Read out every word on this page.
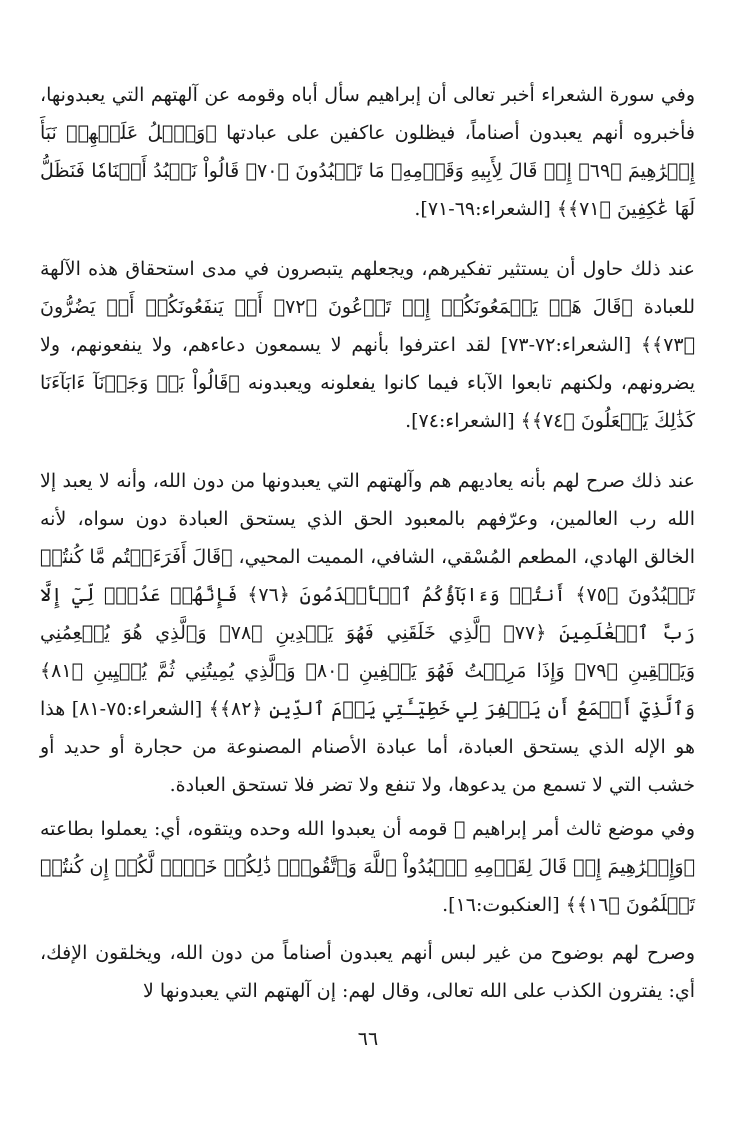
وفي سورة الشعراء أخبر تعالى أن إبراهيم سأل أباه وقومه عن آلهتهم التي يعبدونها، فأخبروه أنهم يعبدون أصناماً، فيظلون عاكفين على عبادتها ﴿وَٱتۡلُ عَلَيۡهِمۡ نَبَأَ إِبۡرَٰهِيمَ ﴿٦٩﴾ إِذۡ قَالَ لِأَبِيهِ وَقَوۡمِهِۦ مَا تَعۡبُدُونَ ﴿٧٠﴾ قَالُواْ نَعۡبُدُ أَصۡنَامٗا فَنَظَلُّ لَهَا عَٰكِفِينَ ﴿٧١﴾﴾ [الشعراء:٦٩-٧١].

عند ذلك حاول أن يستثير تفكيرهم، ويجعلهم يتبصرون في مدى استحقاق هذه الآلهة للعبادة ﴿قَالَ هَلۡ يَسۡمَعُونَكُمۡ إِذۡ تَدۡعُونَ ﴿٧٢﴾ أَوۡ يَنفَعُونَكُمۡ أَوۡ يَضُرُّونَ ﴿٧٣﴾﴾ [الشعراء:٧٢-٧٣] لقد اعترفوا بأنهم لا يسمعون دعاءهم، ولا ينفعونهم، ولا يضرونهم، ولكنهم تابعوا الآباء فيما كانوا يفعلونه ويعبدونه ﴿قَالُواْ بَلۡ وَجَدۡنَآ ءَابَآءَنَا كَذَٰلِكَ يَفۡعَلُونَ ﴿٧٤﴾﴾ [الشعراء:٧٤].

عند ذلك صرح لهم بأنه يعاديهم هم وآلهتهم التي يعبدونها من دون الله، وأنه لا يعبد إلا الله رب العالمين، وعرّفهم بالمعبود الحق الذي يستحق العبادة دون سواه، لأنه الخالق الهادي، المطعم المُسْقي، الشافي، المميت المحيي، ﴿قَالَ أَفَرَءَيۡتُم مَّا كُنتُمۡ تَعۡبُدُونَ ﴿٧٥﴾ أَنتُمۡ وَءَابَآؤُكُمُ ٱلۡأَقۡدَمُونَ ﴿٧٦﴾ فَإِنَّهُمۡ عَدُوّٞ لِّيٓ إِلَّا رَبَّ ٱلۡعَٰلَمِينَ ﴿٧٧﴾ ٱلَّذِي خَلَقَنِي فَهُوَ يَهۡدِينِ ﴿٧٨﴾ وَٱلَّذِي هُوَ يُطۡعِمُنِي وَيَسۡقِينِ ﴿٧٩﴾ وَإِذَا مَرِضۡتُ فَهُوَ يَشۡفِينِ ﴿٨٠﴾ وَٱلَّذِي يُمِيتُنِي ثُمَّ يُحۡيِينِ ﴿٨١﴾ وَٱلَّذِيٓ أَطۡمَعُ أَن يَغۡفِرَ لِي خَطِيٓـَٔتِي يَوۡمَ ٱلدِّينِ ﴿٨٢﴾﴾ [الشعراء:٧٥-٨١] هذا هو الإله الذي يستحق العبادة، أما عبادة الأصنام المصنوعة من حجارة أو حديد أو خشب التي لا تسمع من يدعوها، ولا تنفع ولا تضر فلا تستحق العبادة.

وفي موضع ثالث أمر إبراهيم ﵇ قومه أن يعبدوا الله وحده ويتقوه، أي: يعملوا بطاعته ﴿وَإِبۡرَٰهِيمَ إِذۡ قَالَ لِقَوۡمِهِ ٱعۡبُدُواْ ٱللَّهَ وَٱتَّقُوهُۖ ذَٰلِكُمۡ خَيۡرٞ لَّكُمۡ إِن كُنتُمۡ تَعۡلَمُونَ ﴿١٦﴾﴾ [العنكبوت:١٦].

وصرح لهم بوضوح من غير لبس أنهم يعبدون أصناماً من دون الله، ويخلقون الإفك، أي: يفترون الكذب على الله تعالى، وقال لهم: إن آلهتهم التي يعبدونها لا

٦٦
